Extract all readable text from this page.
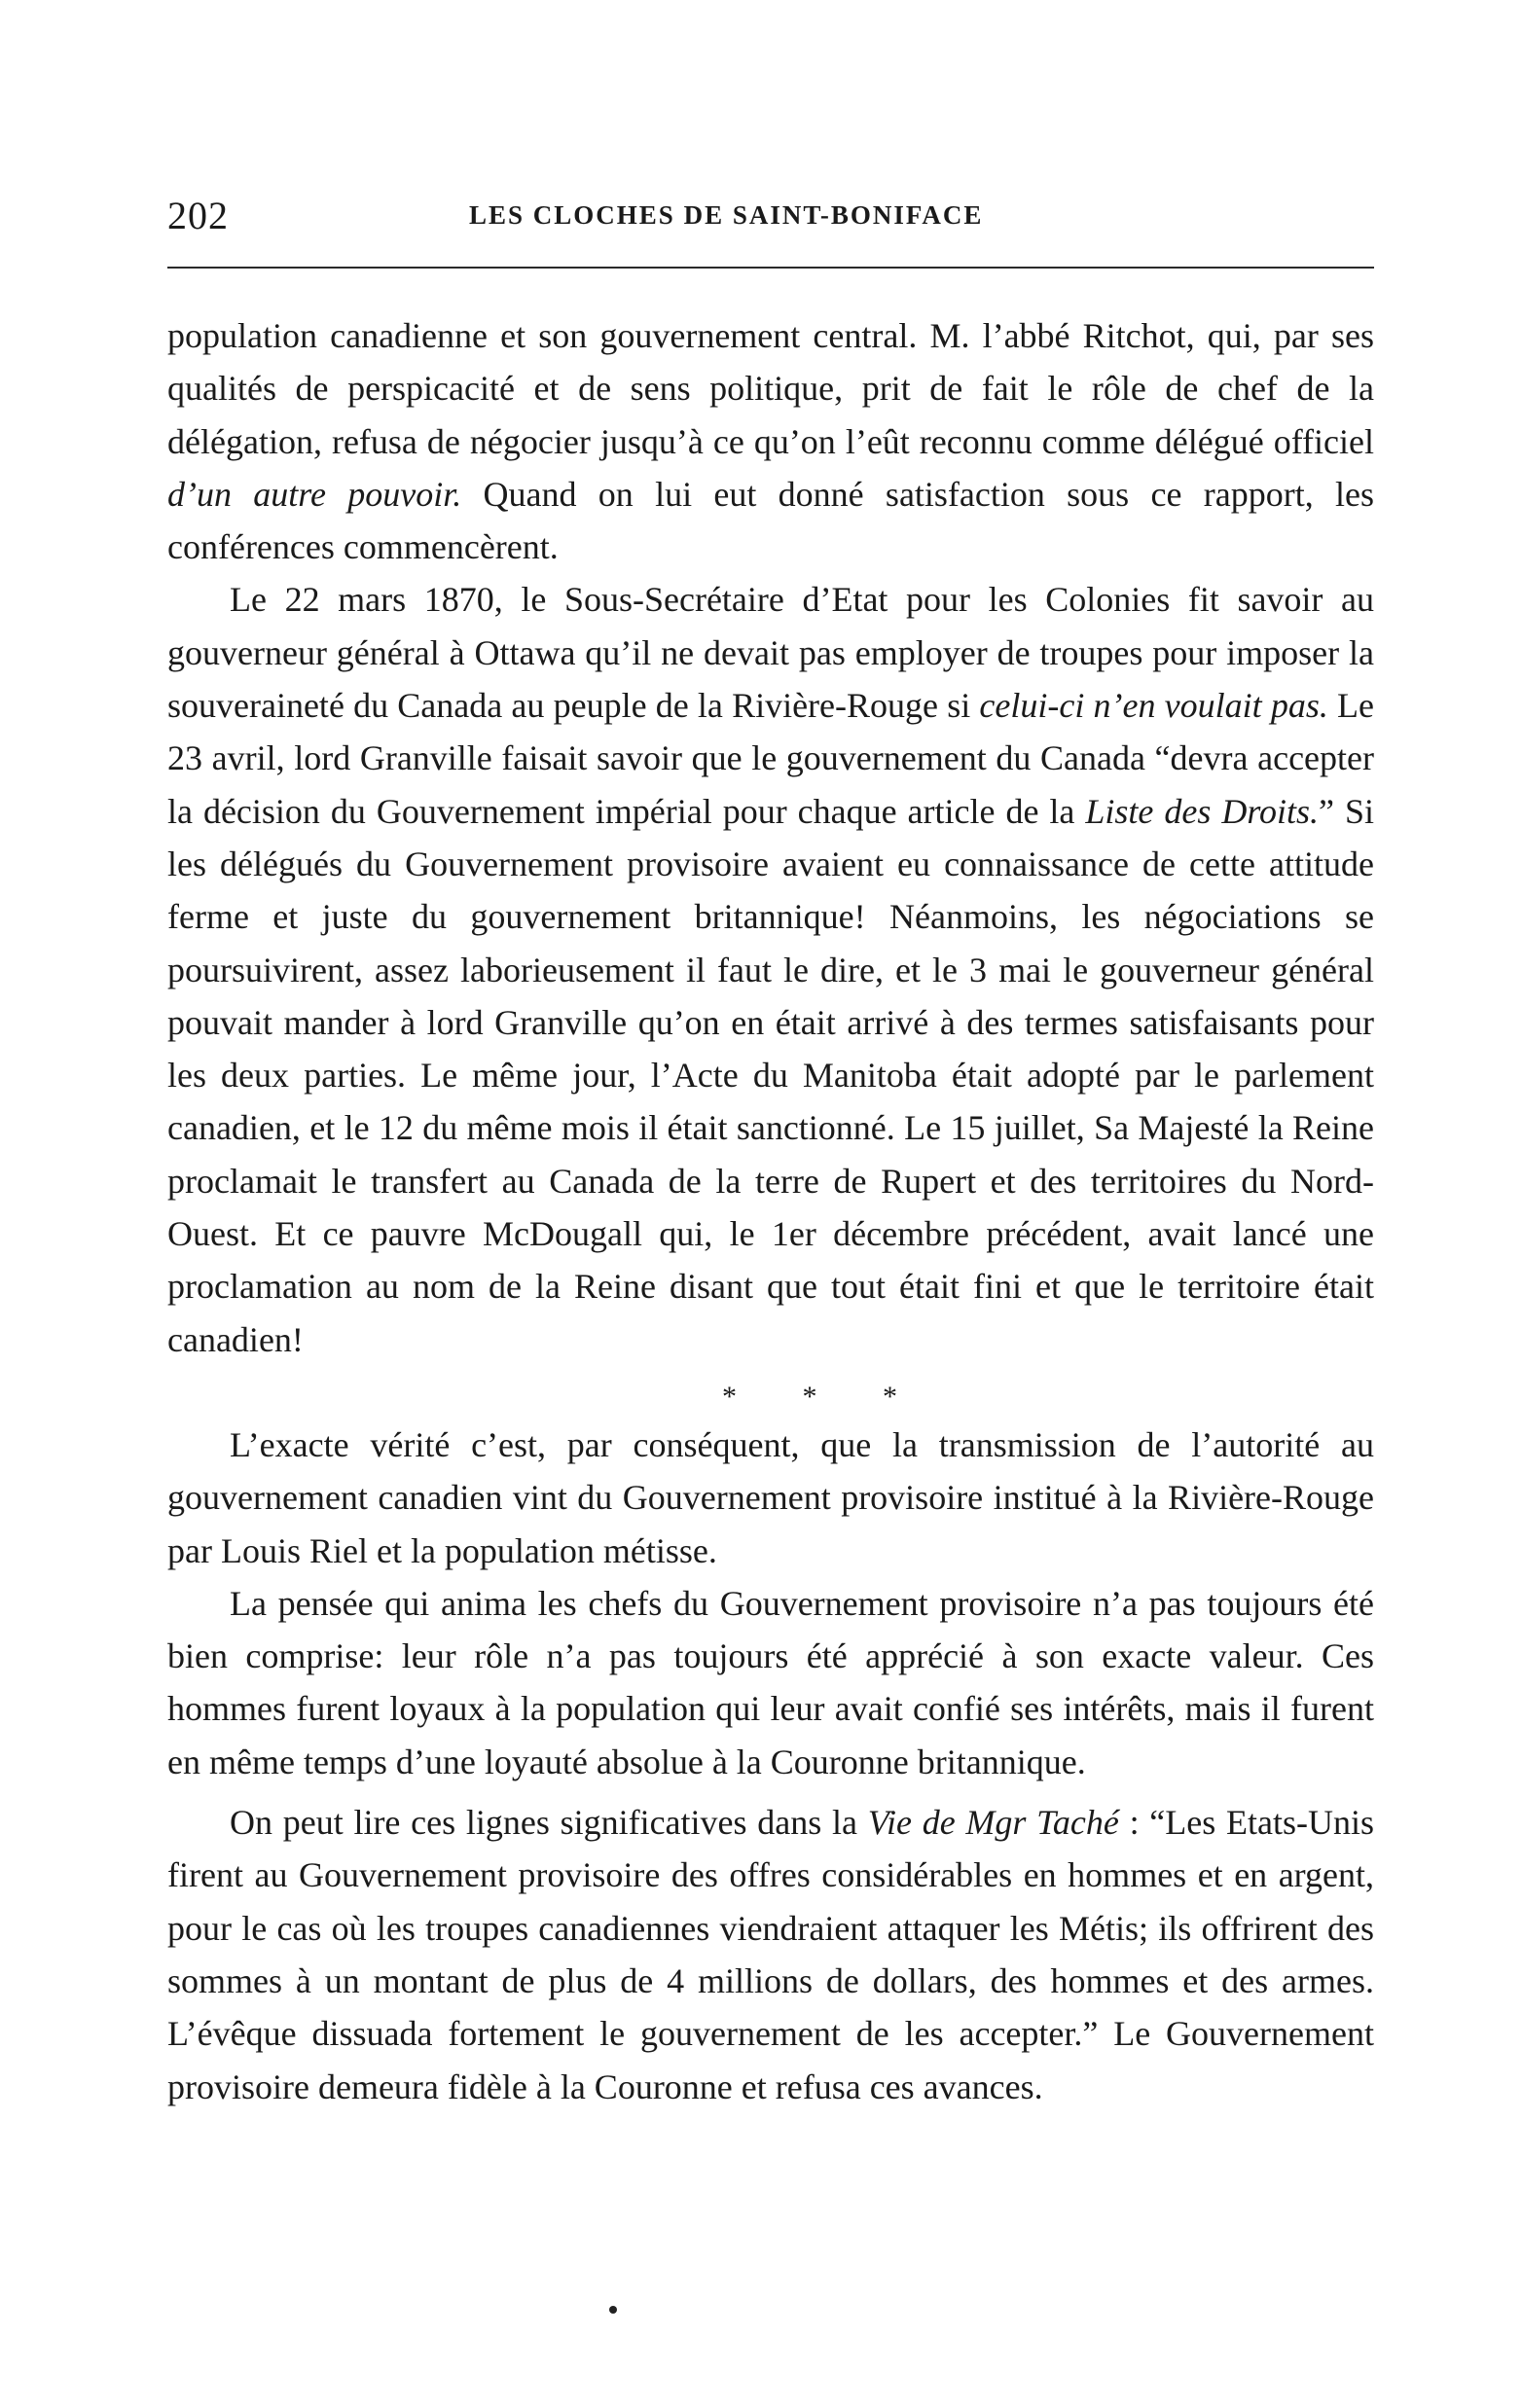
202	LES CLOCHES DE SAINT-BONIFACE

population canadienne et son gouvernement central. M. l’abbé Ritchot, qui, par ses qualités de perspicacité et de sens politique, prit de fait le rôle de chef de la délégation, refusa de négocier jusqu’à ce qu’on l’eût reconnu comme délégué officiel d’un autre pouvoir. Quand on lui eut donné satisfaction sous ce rapport, les conférences commencèrent.

Le 22 mars 1870, le Sous-Secrétaire d’Etat pour les Colonies fit savoir au gouverneur général à Ottawa qu’il ne devait pas employer de troupes pour imposer la souveraineté du Canada au peuple de la Rivière-Rouge si celui-ci n’en voulait pas. Le 23 avril, lord Granville faisait savoir que le gouvernement du Canada “devra accepter la décision du Gouvernement impérial pour chaque article de la Liste des Droits.” Si les délégués du Gouvernement provisoire avaient eu connaissance de cette attitude ferme et juste du gouvernement britannique! Néanmoins, les négociations se poursuivirent, assez laborieusement il faut le dire, et le 3 mai le gouverneur général pouvait mander à lord Granville qu’on en était arrivé à des termes satisfaisants pour les deux parties. Le même jour, l’Acte du Manitoba était adopté par le parlement canadien, et le 12 du même mois il était sanctionné. Le 15 juillet, Sa Majesté la Reine proclamait le transfert au Canada de la terre de Rupert et des territoires du Nord-Ouest. Et ce pauvre McDougall qui, le 1er décembre précédent, avait lancé une proclamation au nom de la Reine disant que tout était fini et que le territoire était canadien!

* * *

L’exacte vérité c’est, par conséquent, que la transmission de l’autorité au gouvernement canadien vint du Gouvernement provisoire institué à la Rivière-Rouge par Louis Riel et la population métisse.

La pensée qui anima les chefs du Gouvernement provisoire n’a pas toujours été bien comprise: leur rôle n’a pas toujours été apprécié à son exacte valeur. Ces hommes furent loyaux à la population qui leur avait confié ses intérêts, mais il furent en même temps d’une loyauté absolue à la Couronne britannique.

On peut lire ces lignes significatives dans la Vie de Mgr Taché : “Les Etats-Unis firent au Gouvernement provisoire des offres considérables en hommes et en argent, pour le cas où les troupes canadiennes viendraient attaquer les Métis; ils offrirent des sommes à un montant de plus de 4 millions de dollars, des hommes et des armes. L’évêque dissuada fortement le gouvernement de les accepter.” Le Gouvernement provisoire demeura fidèle à la Couronne et refusa ces avances.
